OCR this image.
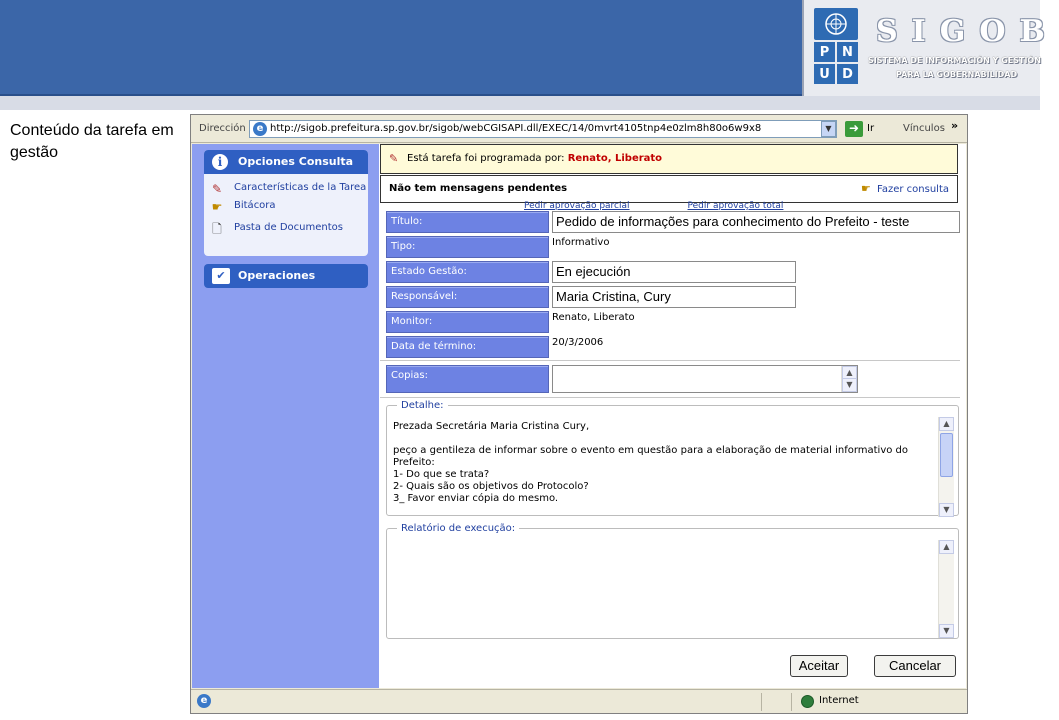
P N
U D
SIGOB
SISTEMA DE INFORMACIÓN Y GESTIÓN
PARA LA GOBERNABILIDAD
Conteúdo da tarefa em gestão
Dirección	http://sigob.prefeitura.sp.gov.br/sigob/webCGISAPI.dll/EXEC/14/0mvrt4105tnp4e0zlm8h80o6w9x8
e	▼	➜ Ir	Vínculos »
i	Opciones Consulta
✎ Características de la Tarea
☛ Bitácora
🗋 Pasta de Documentos
✔	Operaciones
✎ Está tarefa foi programada por: Renato, Liberato
Não tem mensagens pendentes	☛ Fazer consulta
Pedir aprovação parcial	Pedir aprovação total
Título:	Pedido de informações para conhecimento do Prefeito - teste
Tipo:	Informativo
Estado Gestão:	En ejecución
Responsável:	Maria Cristina, Cury
Monitor:	Renato, Liberato
Data de término:	20/3/2006
Copias:	▲
▼
Detalhe:
Prezada Secretária Maria Cristina Cury,

peço a gentileza de informar sobre o evento em questão para a elaboração de material informativo do Prefeito:
1- Do que se trata?
2- Quais são os objetivos do Protocolo?
3_ Favor enviar cópia do mesmo.
▲
▼
Relatório de execução:
▲
▼
Aceitar	Cancelar
e	Internet
